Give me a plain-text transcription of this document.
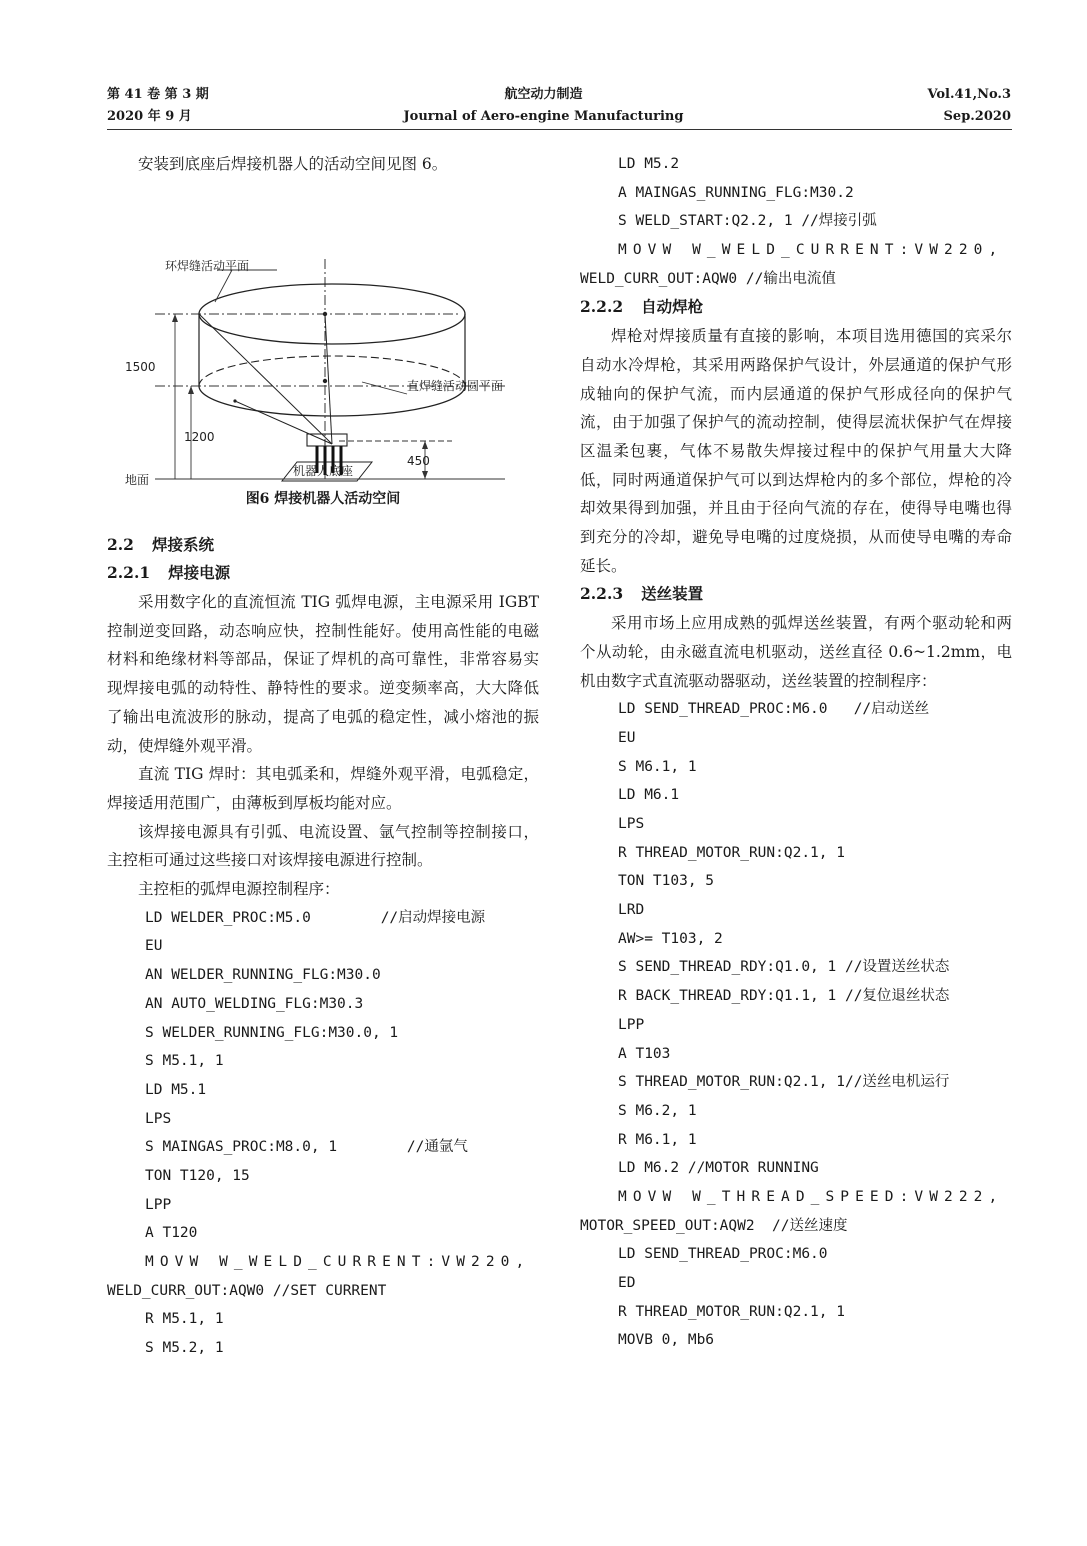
第 41 卷 第 3 期
2020 年 9 月
航空动力制造
Journal of Aero-engine Manufacturing
Vol.41,No.3
Sep.2020
安装到底座后焊接机器人的活动空间见图 6。
环焊缝活动平面
直焊缝活动圆平面
1500
1200
450
地面
机器人底座
图6 焊接机器人活动空间
2.2 焊接系统
2.2.1 焊接电源
采用数字化的直流恒流 TIG 弧焊电源，主电源采用 IGBT 控制逆变回路，动态响应快，控制性能好。使用高性能的电磁材料和绝缘材料等部品，保证了焊机的高可靠性，非常容易实现焊接电弧的动特性、静特性的要求。逆变频率高，大大降低了输出电流波形的脉动，提高了电弧的稳定性，减小熔池的振动，使焊缝外观平滑。
直流 TIG 焊时：其电弧柔和，焊缝外观平滑，电弧稳定，焊接适用范围广，由薄板到厚板均能对应。
该焊接电源具有引弧、电流设置、氩气控制等控制接口，主控柜可通过这些接口对该焊接电源进行控制。
主控柜的弧焊电源控制程序：
LD WELDER_PROC:M5.0        //启动焊接电源
EU
AN WELDER_RUNNING_FLG:M30.0
AN AUTO_WELDING_FLG:M30.3
S WELDER_RUNNING_FLG:M30.0, 1
S M5.1, 1
LD M5.1
LPS
S MAINGAS_PROC:M8.0, 1        //通氩气
TON T120, 15
LPP
A T120
MOVW W_WELD_CURRENT:VW220,
WELD_CURR_OUT:AQW0 //SET CURRENT
R M5.1, 1
S M5.2, 1
LD M5.2
A MAINGAS_RUNNING_FLG:M30.2
S WELD_START:Q2.2, 1 //焊接引弧
MOVW W_WELD_CURRENT:VW220,
WELD_CURR_OUT:AQW0 //输出电流值
2.2.2 自动焊枪
焊枪对焊接质量有直接的影响，本项目选用德国的宾采尔自动水冷焊枪，其采用两路保护气设计，外层通道的保护气形成轴向的保护气流，而内层通道的保护气形成径向的保护气流，由于加强了保护气的流动控制，使得层流状保护气在焊接区温柔包裹，气体不易散失焊接过程中的保护气用量大大降低，同时两通道保护气可以到达焊枪内的多个部位，焊枪的冷却效果得到加强，并且由于径向气流的存在，使得导电嘴也得到充分的冷却，避免导电嘴的过度烧损，从而使导电嘴的寿命延长。
2.2.3 送丝装置
采用市场上应用成熟的弧焊送丝装置，有两个驱动轮和两个从动轮，由永磁直流电机驱动，送丝直径 0.6~1.2mm，电机由数字式直流驱动器驱动，送丝装置的控制程序：
LD SEND_THREAD_PROC:M6.0   //启动送丝
EU
S M6.1, 1
LD M6.1
LPS
R THREAD_MOTOR_RUN:Q2.1, 1
TON T103, 5
LRD
AW>= T103, 2
S SEND_THREAD_RDY:Q1.0, 1 //设置送丝状态
R BACK_THREAD_RDY:Q1.1, 1 //复位退丝状态
LPP
A T103
S THREAD_MOTOR_RUN:Q2.1, 1//送丝电机运行
S M6.2, 1
R M6.1, 1
LD M6.2 //MOTOR RUNNING
MOVW W_THREAD_SPEED:VW222,
MOTOR_SPEED_OUT:AQW2  //送丝速度
LD SEND_THREAD_PROC:M6.0
ED
R THREAD_MOTOR_RUN:Q2.1, 1
MOVB 0, Mb6
